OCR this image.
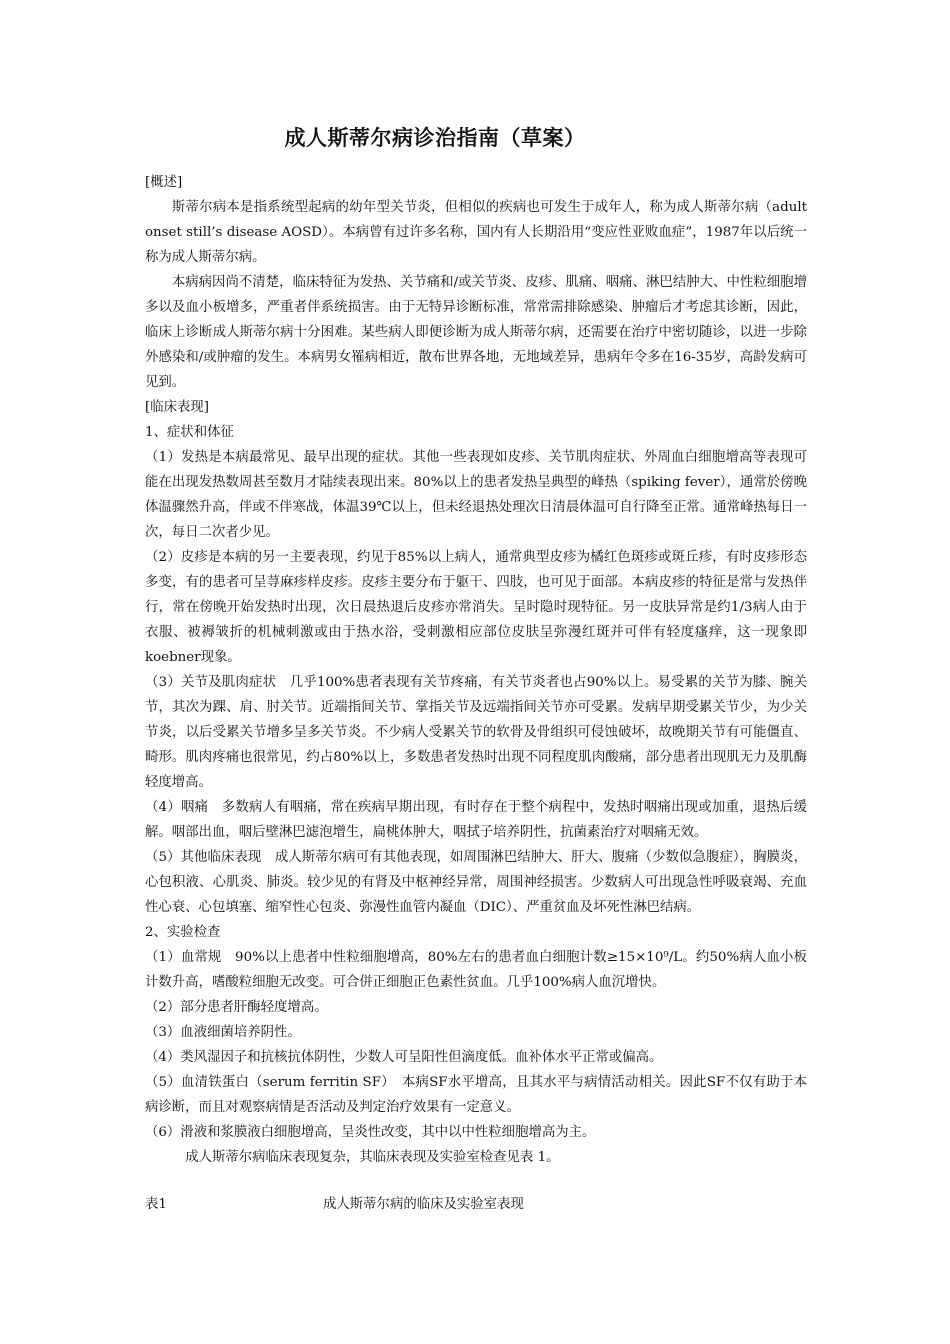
成人斯蒂尔病诊治指南（草案）

[概述]

斯蒂尔病本是指系统型起病的幼年型关节炎，但相似的疾病也可发生于成年人，称为成人斯蒂尔病（adult onset still’s disease AOSD）。本病曾有过许多名称，国内有人长期沿用“变应性亚败血症”，1987年以后统一称为成人斯蒂尔病。

本病病因尚不清楚，临床特征为发热、关节痛和/或关节炎、皮疹、肌痛、咽痛、淋巴结肿大、中性粒细胞增多以及血小板增多，严重者伴系统损害。由于无特异诊断标准，常常需排除感染、肿瘤后才考虑其诊断，因此，临床上诊断成人斯蒂尔病十分困难。某些病人即便诊断为成人斯蒂尔病，还需要在治疗中密切随诊，以进一步除外感染和/或肿瘤的发生。本病男女罹病相近，散布世界各地，无地域差异，患病年令多在16-35岁，高龄发病可见到。

[临床表现]

1、症状和体征

（1）发热是本病最常见、最早出现的症状。其他一些表现如皮疹、关节肌肉症状、外周血白细胞增高等表现可能在出现发热数周甚至数月才陆续表现出来。80%以上的患者发热呈典型的峰热（spiking fever），通常於傍晚体温骤然升高，伴或不伴寒战，体温39℃以上，但未经退热处理次日清晨体温可自行降至正常。通常峰热每日一次，每日二次者少见。

（2）皮疹是本病的另一主要表现，约见于85%以上病人，通常典型皮疹为橘红色斑疹或斑丘疹，有时皮疹形态多变，有的患者可呈荨麻疹样皮疹。皮疹主要分布于躯干、四肢，也可见于面部。本病皮疹的特征是常与发热伴行，常在傍晚开始发热时出现，次日晨热退后皮疹亦常消失。呈时隐时现特征。另一皮肤异常是约1/3病人由于衣服、被褥皱折的机械刺激或由于热水浴，受刺激相应部位皮肤呈弥漫红斑并可伴有轻度瘙痒，这一现象即koebner现象。

（3）关节及肌肉症状　几乎100%患者表现有关节疼痛，有关节炎者也占90%以上。易受累的关节为膝、腕关节，其次为踝、肩、肘关节。近端指间关节、掌指关节及远端指间关节亦可受累。发病早期受累关节少，为少关节炎，以后受累关节增多呈多关节炎。不少病人受累关节的软骨及骨组织可侵蚀破坏，故晚期关节有可能僵直、畸形。肌肉疼痛也很常见，约占80%以上，多数患者发热时出现不同程度肌肉酸痛，部分患者出现肌无力及肌酶轻度增高。

（4）咽痛　多数病人有咽痛，常在疾病早期出现，有时存在于整个病程中，发热时咽痛出现或加重，退热后缓解。咽部出血，咽后壁淋巴滤泡增生，扁桃体肿大，咽拭子培养阴性，抗菌素治疗对咽痛无效。

（5）其他临床表现　成人斯蒂尔病可有其他表现，如周围淋巴结肿大、肝大、腹痛（少数似急腹症），胸膜炎，心包积液、心肌炎、肺炎。较少见的有肾及中枢神经异常，周围神经损害。少数病人可出现急性呼吸衰竭、充血性心衰、心包填塞、缩窄性心包炎、弥漫性血管内凝血（DIC）、严重贫血及坏死性淋巴结病。

2、实验检查

（1）血常规　90%以上患者中性粒细胞增高，80%左右的患者血白细胞计数≥15×10⁹/L。约50%病人血小板计数升高，嗜酸粒细胞无改变。可合併正细胞正色素性贫血。几乎100%病人血沉增快。

（2）部分患者肝酶轻度增高。

（3）血液细菌培养阴性。

（4）类风湿因子和抗核抗体阴性，少数人可呈阳性但滴度低。血补体水平正常或偏高。

（5）血清铁蛋白（serum ferritin SF）　本病SF水平增高，且其水平与病情活动相关。因此SF不仅有助于本病诊断，而且对观察病情是否活动及判定治疗效果有一定意义。

（6）滑液和浆膜液白细胞增高，呈炎性改变，其中以中性粒细胞增高为主。

成人斯蒂尔病临床表现复杂，其临床表现及实验室检查见表 1。

表1	成人斯蒂尔病的临床及实验室表现
